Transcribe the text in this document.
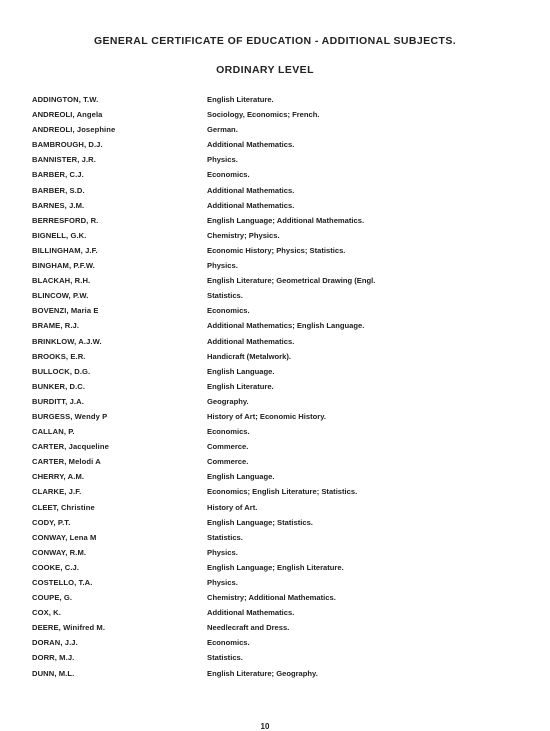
GENERAL CERTIFICATE OF EDUCATION - ADDITIONAL SUBJECTS.
ORDINARY LEVEL
ADDINGTON, T.W.	English Literature.
ANDREOLI, Angela	Sociology, Economics; French.
ANDREOLI, Josephine	German.
BAMBROUGH, D.J.	Additional Mathematics.
BANNISTER, J.R.	Physics.
BARBER, C.J.	Economics.
BARBER, S.D.	Additional Mathematics.
BARNES, J.M.	Additional Mathematics.
BERRESFORD, R.	English Language; Additional Mathematics.
BIGNELL, G.K.	Chemistry; Physics.
BILLINGHAM, J.F.	Economic History; Physics; Statistics.
BINGHAM, P.F.W.	Physics.
BLACKAH, R.H.	English Literature; Geometrical Drawing (Engl.
BLINCOW, P.W.	Statistics.
BOVENZI, Maria E	Economics.
BRAME, R.J.	Additional Mathematics; English Language.
BRINKLOW, A.J.W.	Additional Mathematics.
BROOKS, E.R.	Handicraft (Metalwork).
BULLOCK, D.G.	English Language.
BUNKER, D.C.	English Literature.
BURDITT, J.A.	Geography.
BURGESS, Wendy P	History of Art; Economic History.
CALLAN, P.	Economics.
CARTER, Jacqueline	Commerce.
CARTER, Melodi A	Commerce.
CHERRY, A.M.	English Language.
CLARKE, J.F.	Economics; English Literature; Statistics.
CLEET, Christine	History of Art.
CODY, P.T.	English Language; Statistics.
CONWAY, Lena M	Statistics.
CONWAY, R.M.	Physics.
COOKE, C.J.	English Language; English Literature.
COSTELLO, T.A.	Physics.
COUPE, G.	Chemistry; Additional Mathematics.
COX, K.	Additional Mathematics.
DEERE, Winifred M.	Needlecraft and Dress.
DORAN, J.J.	Economics.
DORR, M.J.	Statistics.
DUNN, M.L.	English Literature; Geography.
10
